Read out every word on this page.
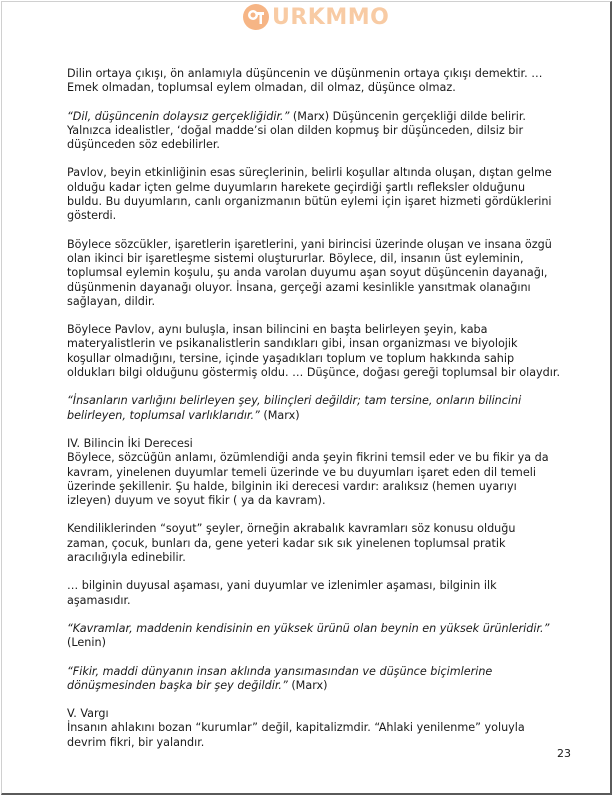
URKMMO

Dilin ortaya çıkışı, ön anlamıyla düşüncenin ve düşünmenin ortaya çıkışı demektir. …
Emek olmadan, toplumsal eylem olmadan, dil olmaz, düşünce olmaz.

“Dil, düşüncenin dolaysız gerçekliğidir.” (Marx) Düşüncenin gerçekliği dilde belirir.
Yalnızca idealistler, ‘doğal madde’si olan dilden kopmuş bir düşünceden, dilsiz bir
düşünceden söz edebilirler.

Pavlov, beyin etkinliğinin esas süreçlerinin, belirli koşullar altında oluşan, dıştan gelme
olduğu kadar içten gelme duyumların harekete geçirdiği şartlı refleksler olduğunu
buldu. Bu duyumların, canlı organizmanın bütün eylemi için işaret hizmeti gördüklerini
gösterdi.

Böylece sözcükler, işaretlerin işaretlerini, yani birincisi üzerinde oluşan ve insana özgü
olan ikinci bir işaretleşme sistemi oluştururlar. Böylece, dil, insanın üst eyleminin,
toplumsal eylemin koşulu, şu anda varolan duyumu aşan soyut düşüncenin dayanağı,
düşünmenin dayanağı oluyor. İnsana, gerçeği azami kesinlikle yansıtmak olanağını
sağlayan, dildir.

Böylece Pavlov, aynı buluşla, insan bilincini en başta belirleyen şeyin, kaba
materyalistlerin ve psikanalistlerin sandıkları gibi, insan organizması ve biyolojik
koşullar olmadığını, tersine, içinde yaşadıkları toplum ve toplum hakkında sahip
oldukları bilgi olduğunu göstermiş oldu. … Düşünce, doğası gereği toplumsal bir olaydır.

“İnsanların varlığını belirleyen şey, bilinçleri değildir; tam tersine, onların bilincini
belirleyen, toplumsal varlıklarıdır.” (Marx)

IV. Bilincin İki Derecesi

Böylece, sözcüğün anlamı, özümlendiği anda şeyin fikrini temsil eder ve bu fikir ya da
kavram, yinelenen duyumlar temeli üzerinde ve bu duyumları işaret eden dil temeli
üzerinde şekillenir. Şu halde, bilginin iki derecesi vardır: aralıksız (hemen uyarıyı
izleyen) duyum ve soyut fikir ( ya da kavram).

Kendiliklerinden “soyut” şeyler, örneğin akrabalık kavramları söz konusu olduğu
zaman, çocuk, bunları da, gene yeteri kadar sık sık yinelenen toplumsal pratik
aracılığıyla edinebilir.

… bilginin duyusal aşaması, yani duyumlar ve izlenimler aşaması, bilginin ilk
aşamasıdır.

“Kavramlar, maddenin kendisinin en yüksek ürünü olan beynin en yüksek ürünleridir.”
(Lenin)

“Fikir, maddi dünyanın insan aklında yansımasından ve düşünce biçimlerine
dönüşmesinden başka bir şey değildir.” (Marx)

V. Vargı

İnsanın ahlakını bozan “kurumlar” değil, kapitalizmdir. “Ahlaki yenilenme” yoluyla
devrim fikri, bir yalandır.

23
